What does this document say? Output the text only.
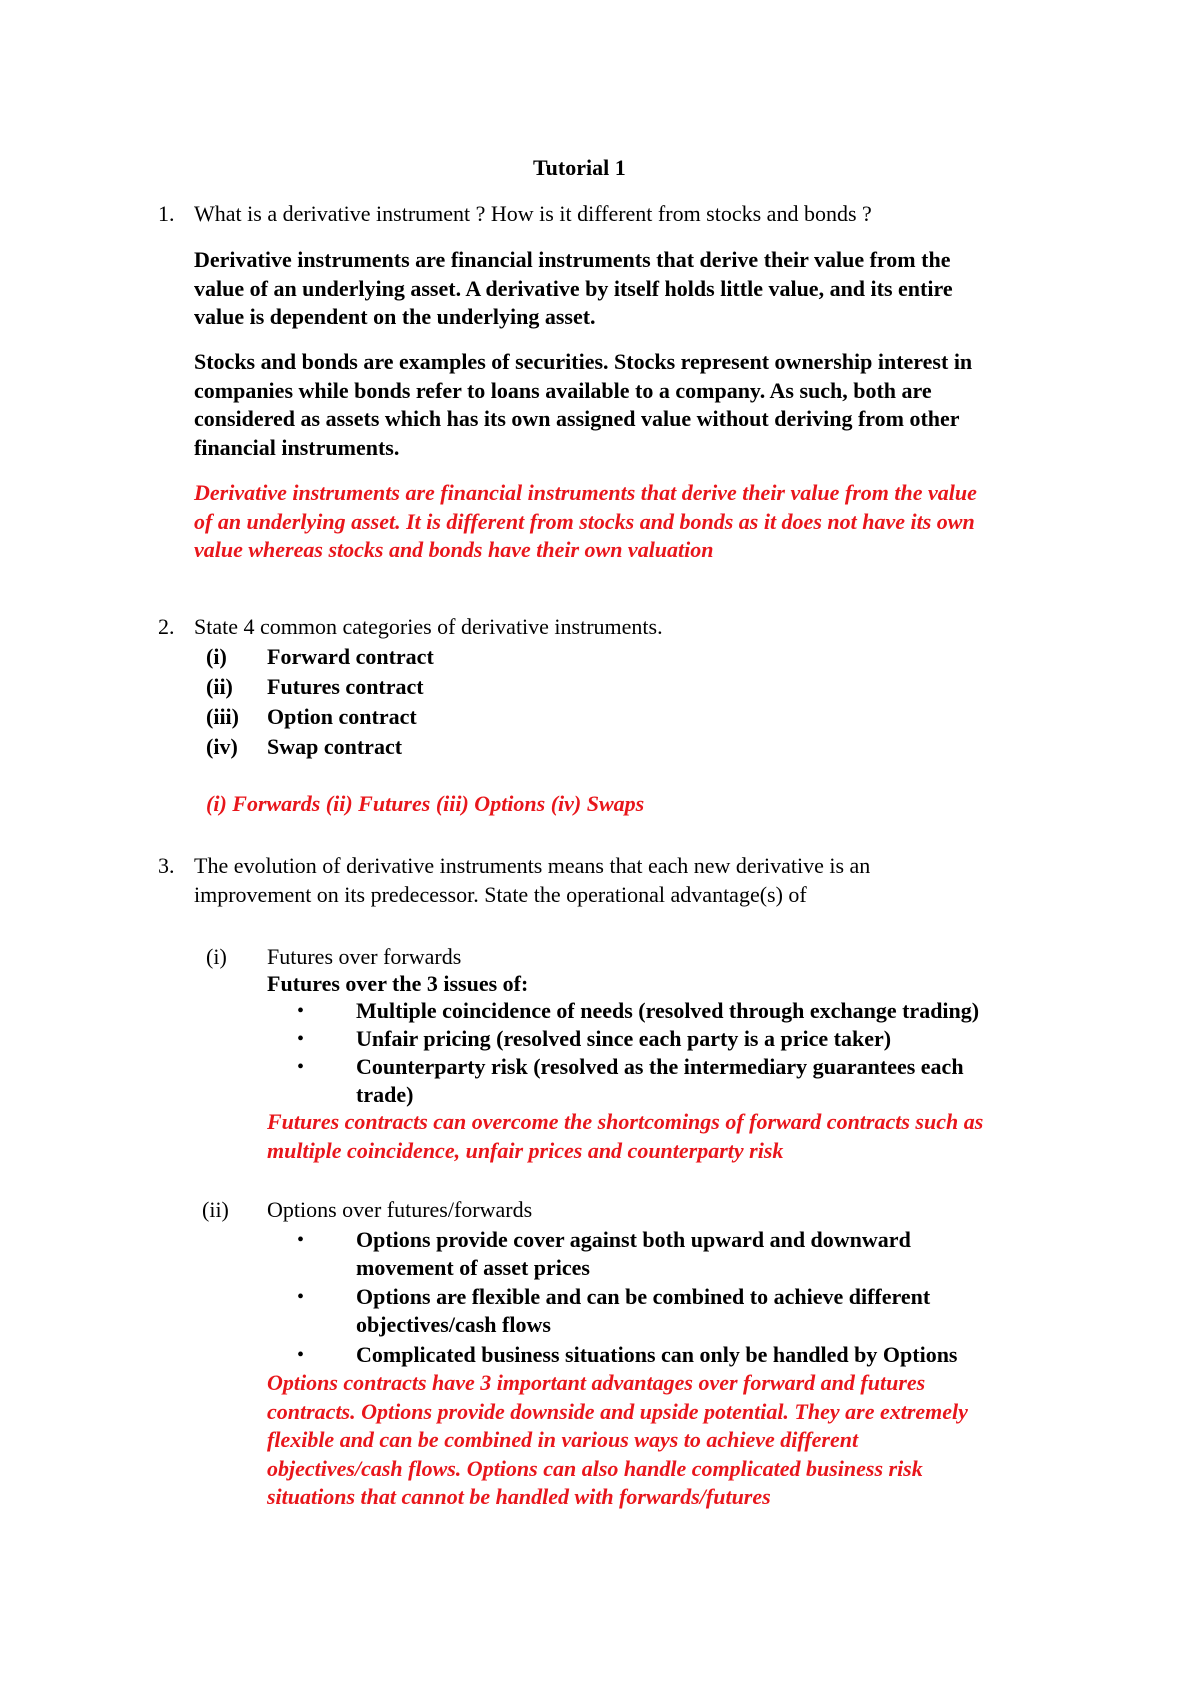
Tutorial 1
1. What is a derivative instrument ? How is it different from stocks and bonds ?
Derivative instruments are financial instruments that derive their value from the
value of an underlying asset. A derivative by itself holds little value, and its entire
value is dependent on the underlying asset.
Stocks and bonds are examples of securities. Stocks represent ownership interest in
companies while bonds refer to loans available to a company. As such, both are
considered as assets which has its own assigned value without deriving from other
financial instruments.
Derivative instruments are financial instruments that derive their value from the value
of an underlying asset. It is different from stocks and bonds as it does not have its own
value whereas stocks and bonds have their own valuation
2. State 4 common categories of derivative instruments.
(i) Forward contract
(ii) Futures contract
(iii) Option contract
(iv) Swap contract
(i) Forwards (ii) Futures (iii) Options (iv) Swaps
3. The evolution of derivative instruments means that each new derivative is an
improvement on its predecessor. State the operational advantage(s) of
(i) Futures over forwards
Futures over the 3 issues of:
• Multiple coincidence of needs (resolved through exchange trading)
• Unfair pricing (resolved since each party is a price taker)
• Counterparty risk (resolved as the intermediary guarantees each
trade)
Futures contracts can overcome the shortcomings of forward contracts such as
multiple coincidence, unfair prices and counterparty risk
(ii) Options over futures/forwards
• Options provide cover against both upward and downward
movement of asset prices
• Options are flexible and can be combined to achieve different
objectives/cash flows
• Complicated business situations can only be handled by Options
Options contracts have 3 important advantages over forward and futures
contracts. Options provide downside and upside potential. They are extremely
flexible and can be combined in various ways to achieve different
objectives/cash flows. Options can also handle complicated business risk
situations that cannot be handled with forwards/futures
